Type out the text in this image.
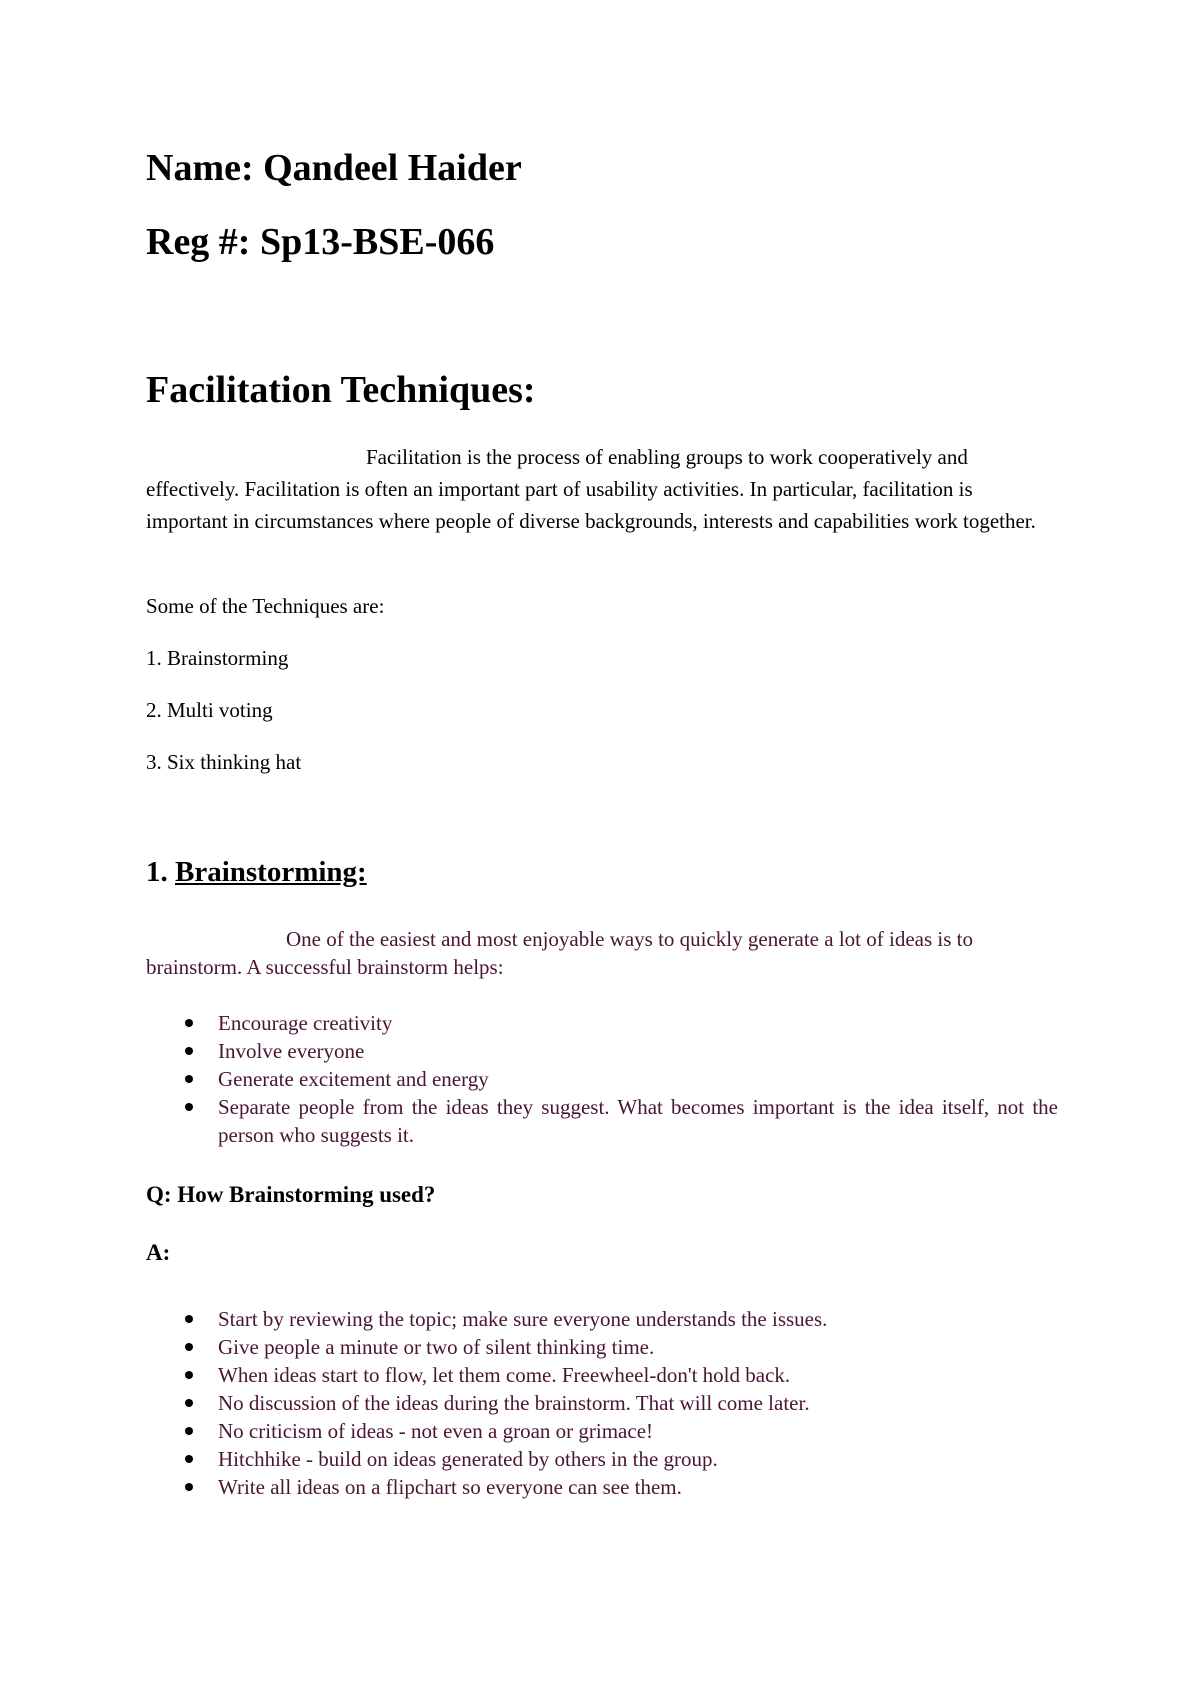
Name: Qandeel Haider
Reg #: Sp13-BSE-066
Facilitation Techniques:

Facilitation is the process of enabling groups to work cooperatively and effectively. Facilitation is often an important part of usability activities. In particular, facilitation is important in circumstances where people of diverse backgrounds, interests and capabilities work together.

Some of the Techniques are:

1. Brainstorming

2. Multi voting

3. Six thinking hat

1. Brainstorming:

One of the easiest and most enjoyable ways to quickly generate a lot of ideas is to brainstorm. A successful brainstorm helps:

Encourage creativity
Involve everyone
Generate excitement and energy
Separate people from the ideas they suggest. What becomes important is the idea itself, not the person who suggests it.

Q: How Brainstorming used?

A:

Start by reviewing the topic; make sure everyone understands the issues.
Give people a minute or two of silent thinking time.
When ideas start to flow, let them come. Freewheel-don't hold back.
No discussion of the ideas during the brainstorm. That will come later.
No criticism of ideas - not even a groan or grimace!
Hitchhike - build on ideas generated by others in the group.
Write all ideas on a flipchart so everyone can see them.
